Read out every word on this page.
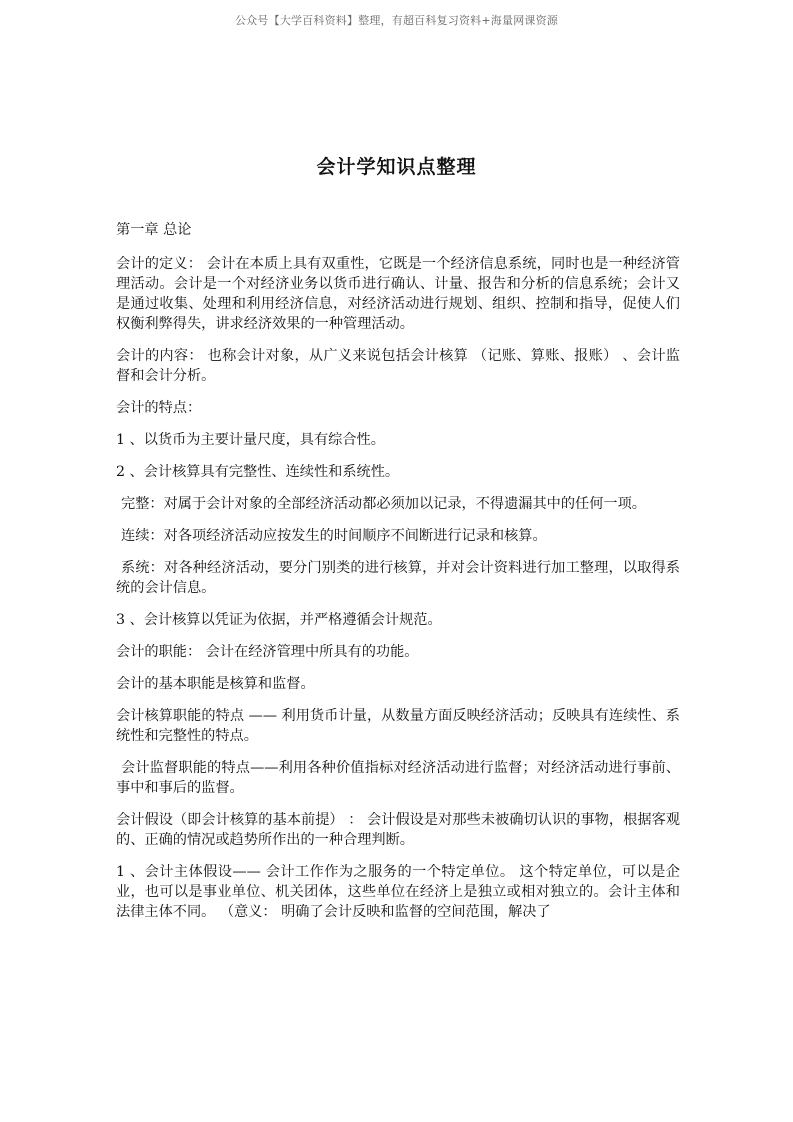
公众号【大学百科资料】整理，有超百科复习资料+海量网课资源
会计学知识点整理

第一章 总论

会计的定义： 会计在本质上具有双重性，它既是一个经济信息系统，同时也是一种经济管理活动。会计是一个对经济业务以货币进行确认、计量、报告和分析的信息系统；会计又是通过收集、处理和利用经济信息，对经济活动进行规划、组织、控制和指导，促使人们权衡利弊得失，讲求经济效果的一种管理活动。

会计的内容： 也称会计对象，从广义来说包括会计核算 （记账、算账、报账） 、会计监督和会计分析。

会计的特点：

1 、以货币为主要计量尺度，具有综合性。

2 、会计核算具有完整性、连续性和系统性。

完整：对属于会计对象的全部经济活动都必须加以记录，不得遗漏其中的任何一项。

连续：对各项经济活动应按发生的时间顺序不间断进行记录和核算。

系统：对各种经济活动，要分门别类的进行核算，并对会计资料进行加工整理，以取得系统的会计信息。

3 、会计核算以凭证为依据，并严格遵循会计规范。

会计的职能： 会计在经济管理中所具有的功能。

会计的基本职能是核算和监督。

会计核算职能的特点 —— 利用货币计量，从数量方面反映经济活动；反映具有连续性、系统性和完整性的特点。

会计监督职能的特点——利用各种价值指标对经济活动进行监督；对经济活动进行事前、事中和事后的监督。

会计假设（即会计核算的基本前提） ： 会计假设是对那些未被确切认识的事物，根据客观的、正确的情况或趋势所作出的一种合理判断。

1 、会计主体假设—— 会计工作作为之服务的一个特定单位。 这个特定单位，可以是企业，也可以是事业单位、机关团体，这些单位在经济上是独立或相对独立的。会计主体和法律主体不同。 （意义： 明确了会计反映和监督的空间范围，解决了
